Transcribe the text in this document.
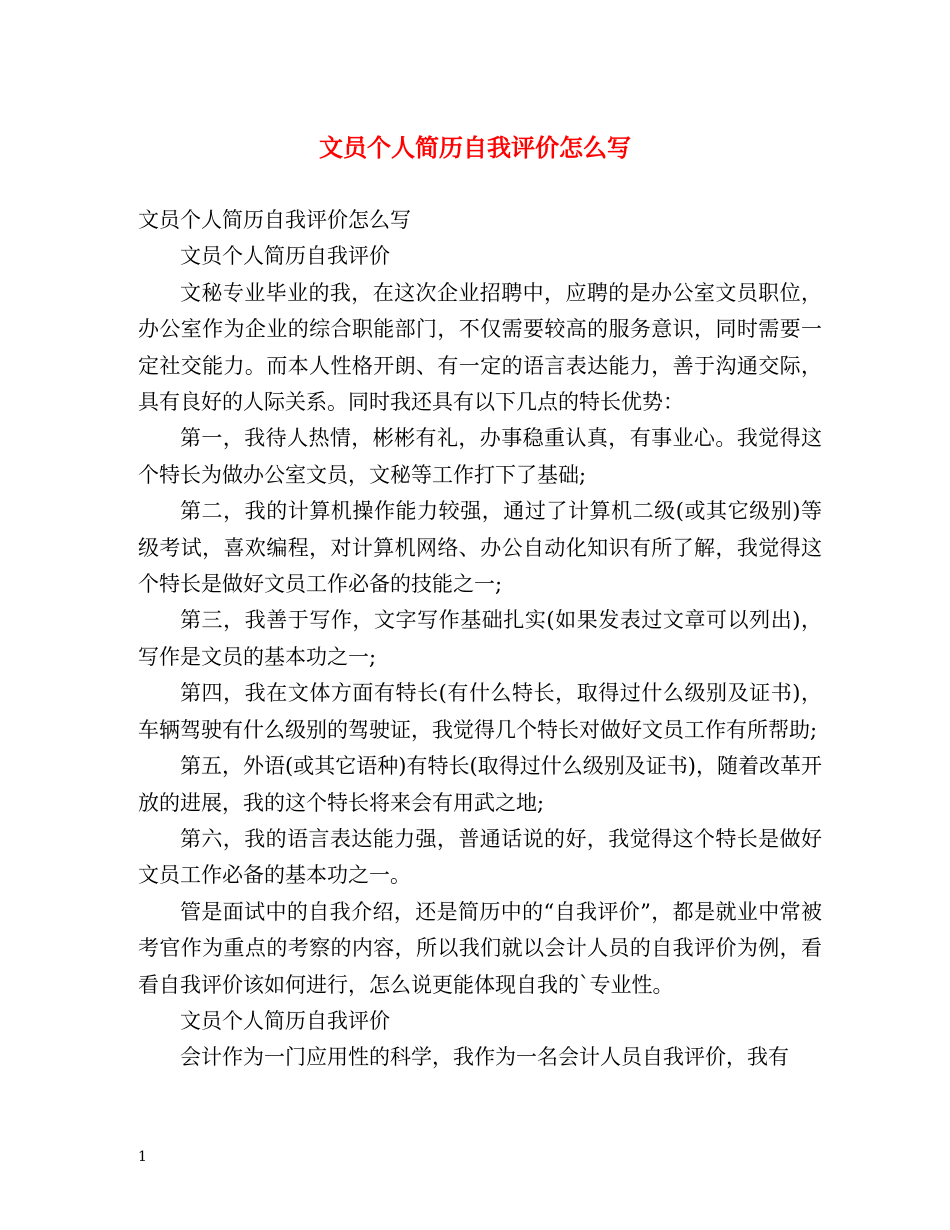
文员个人简历自我评价怎么写

文员个人简历自我评价怎么写

文员个人简历自我评价

文秘专业毕业的我，在这次企业招聘中，应聘的是办公室文员职位，办公室作为企业的综合职能部门，不仅需要较高的服务意识，同时需要一定社交能力。而本人性格开朗、有一定的语言表达能力，善于沟通交际，具有良好的人际关系。同时我还具有以下几点的特长优势：

第一，我待人热情，彬彬有礼，办事稳重认真，有事业心。我觉得这个特长为做办公室文员，文秘等工作打下了基础;

第二，我的计算机操作能力较强，通过了计算机二级(或其它级别)等级考试，喜欢编程，对计算机网络、办公自动化知识有所了解，我觉得这个特长是做好文员工作必备的技能之一;

第三，我善于写作，文字写作基础扎实(如果发表过文章可以列出)，写作是文员的基本功之一;

第四，我在文体方面有特长(有什么特长，取得过什么级别及证书)，车辆驾驶有什么级别的驾驶证，我觉得几个特长对做好文员工作有所帮助;

第五，外语(或其它语种)有特长(取得过什么级别及证书)，随着改革开放的进展，我的这个特长将来会有用武之地;

第六，我的语言表达能力强，普通话说的好，我觉得这个特长是做好文员工作必备的基本功之一。

管是面试中的自我介绍，还是简历中的“自我评价”，都是就业中常被考官作为重点的考察的内容，所以我们就以会计人员的自我评价为例，看看自我评价该如何进行，怎么说更能体现自我的`专业性。

文员个人简历自我评价

会计作为一门应用性的科学，我作为一名会计人员自我评价，我有

1
